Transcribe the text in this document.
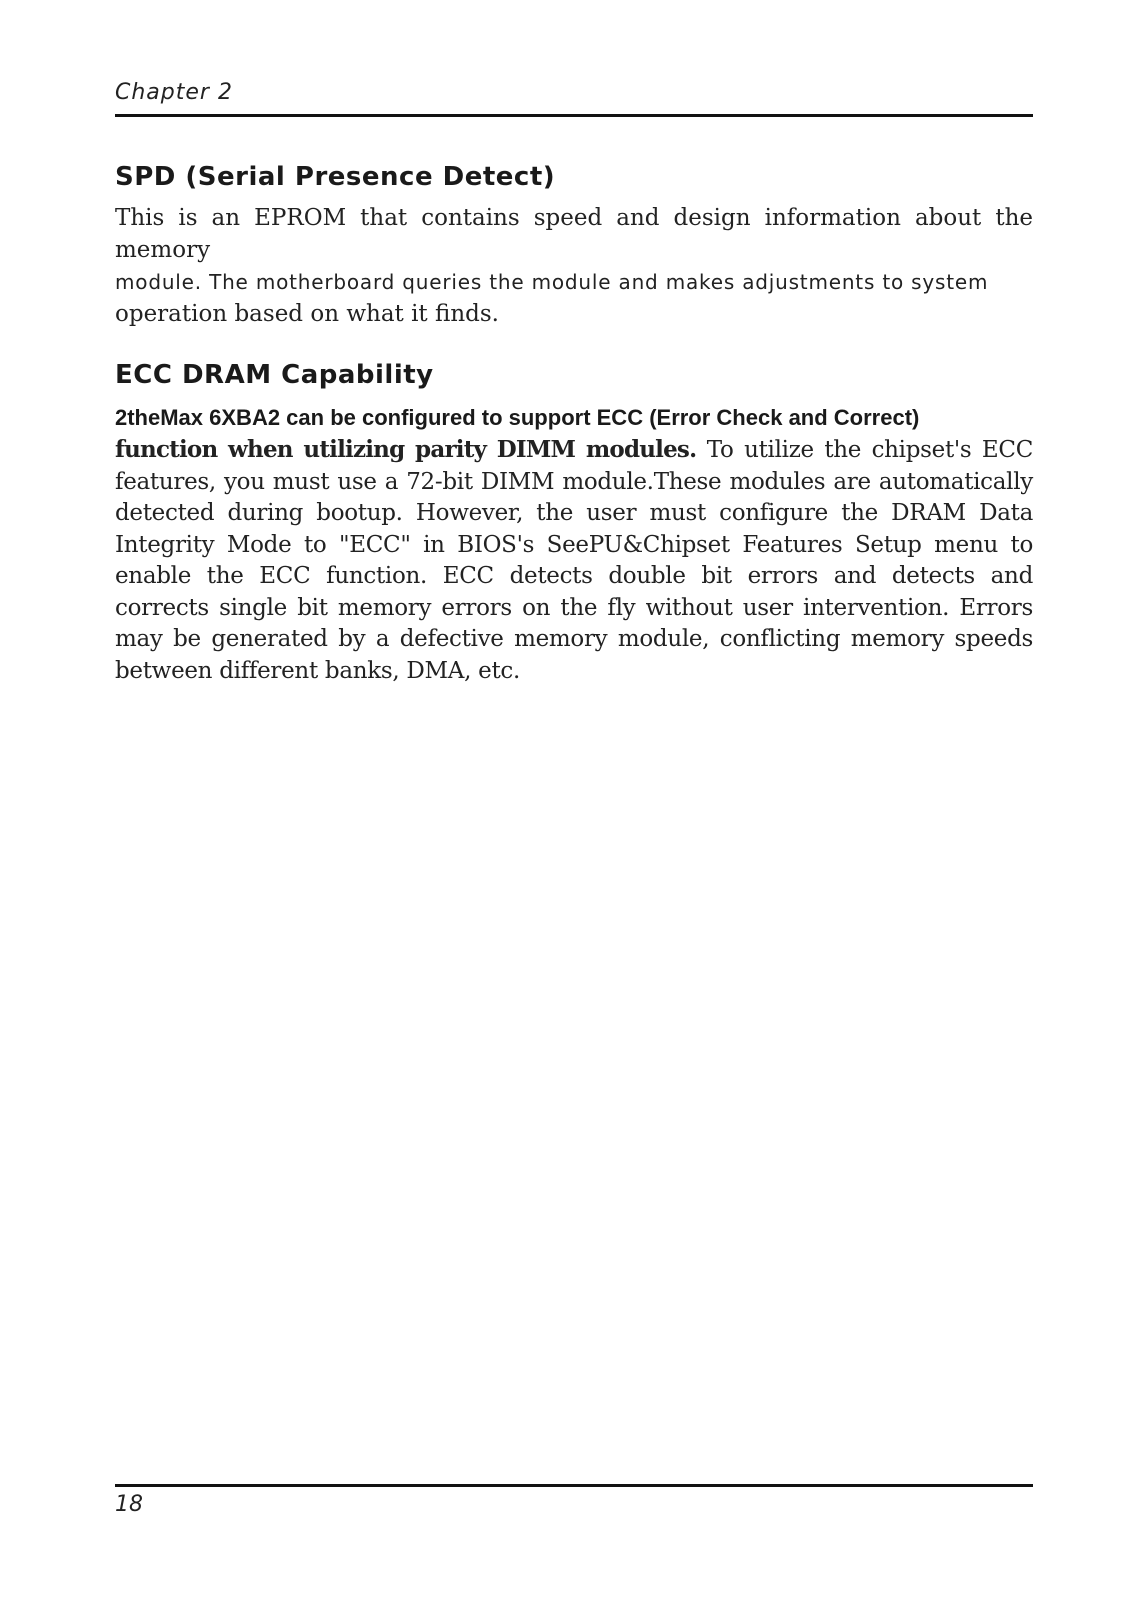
Chapter 2
SPD (Serial Presence Detect)
This is an EPROM that contains speed and design information about the memory
module. The motherboard queries the module and makes adjustments to system
operation based on what it finds.
ECC DRAM Capability
2theMax 6XBA2 can be configured to support ECC (Error Check and Correct)

function when utilizing parity DIMM modules. To utilize the chipset's ECC features, you must use a 72-bit DIMM module.These modules are automatically detected during bootup. However, the user must configure the DRAM Data Integrity Mode to "ECC" in BIOS's SeePU&Chipset Features Setup menu to enable the ECC function. ECC detects double bit errors and detects and corrects single bit memory errors on the fly without user intervention. Errors may be generated by a defective memory module, conflicting memory speeds between different banks, DMA, etc.

18
